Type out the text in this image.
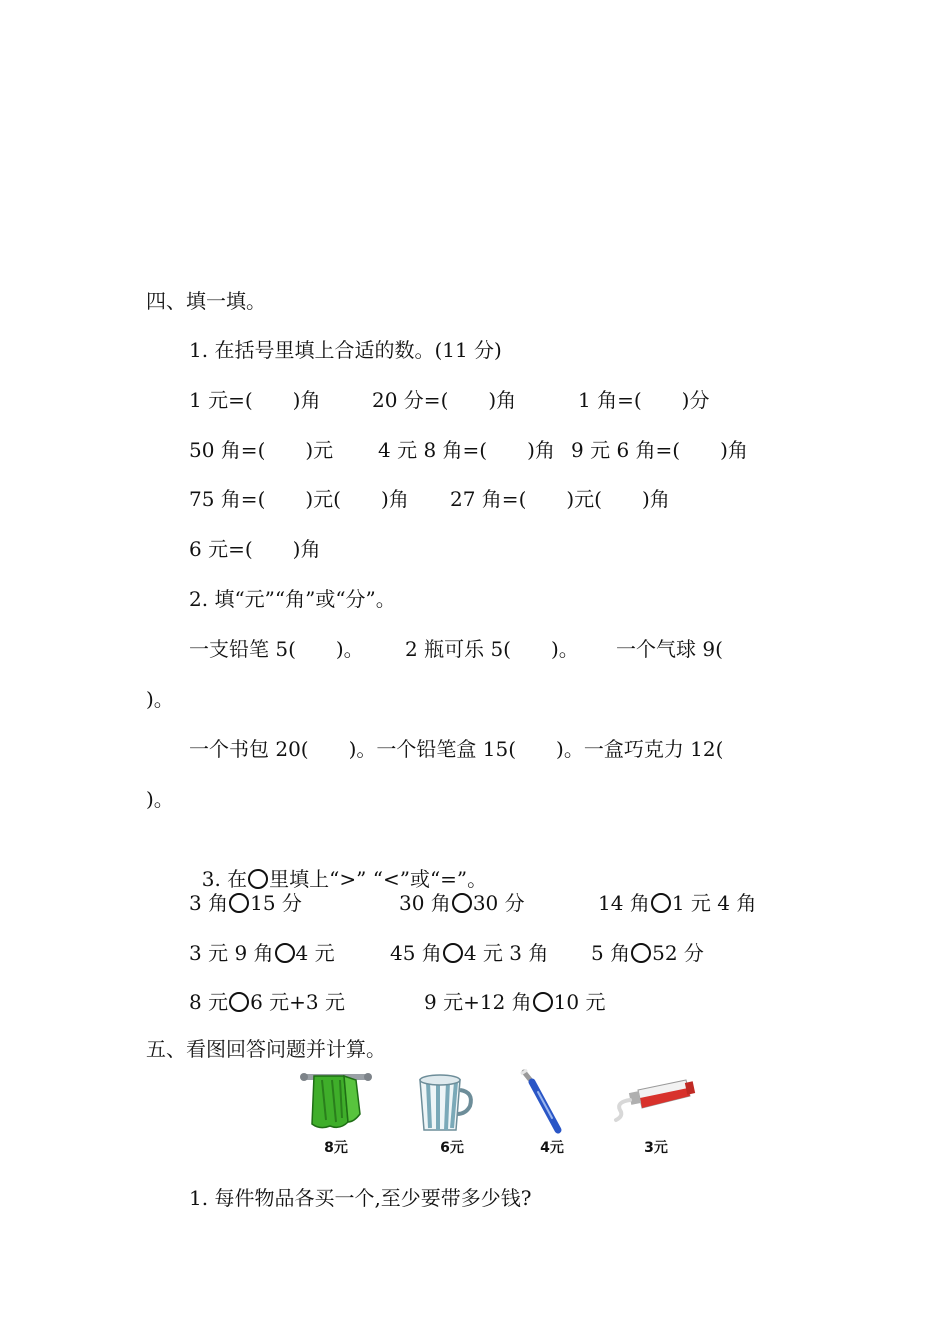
四、填一填。
1. 在括号里填上合适的数。(11 分)
1 元=(　　)角	20 分=(　　)角	1 角=(　　)分
50 角=(　　)元 4 元 8 角=(　　)角 9 元 6 角=(　　)角
75 角=(　　)元(　　)角 27 角=(　　)元(　　)角
6 元=(　　)角
2. 填“元”“角”或“分”。
一支铅笔 5(　　)。 2 瓶可乐 5(　　)。 一个气球 9(
)。
一个书包 20(　　)。一个铅笔盒 15(　　)。一盒巧克力 12(
)。

3. 在 里填上“>” “<”或“=”。

3 角 15 分	30 角 30 分	14 角 1 元 4 角
3 元 9 角 4 元	45 角 4 元 3 角 5 角 52 分
8 元 6 元+3 元	9 元+12 角 10 元
五、看图回答问题并计算。
8元	6元	4元	3元
1. 每件物品各买一个,至少要带多少钱?
